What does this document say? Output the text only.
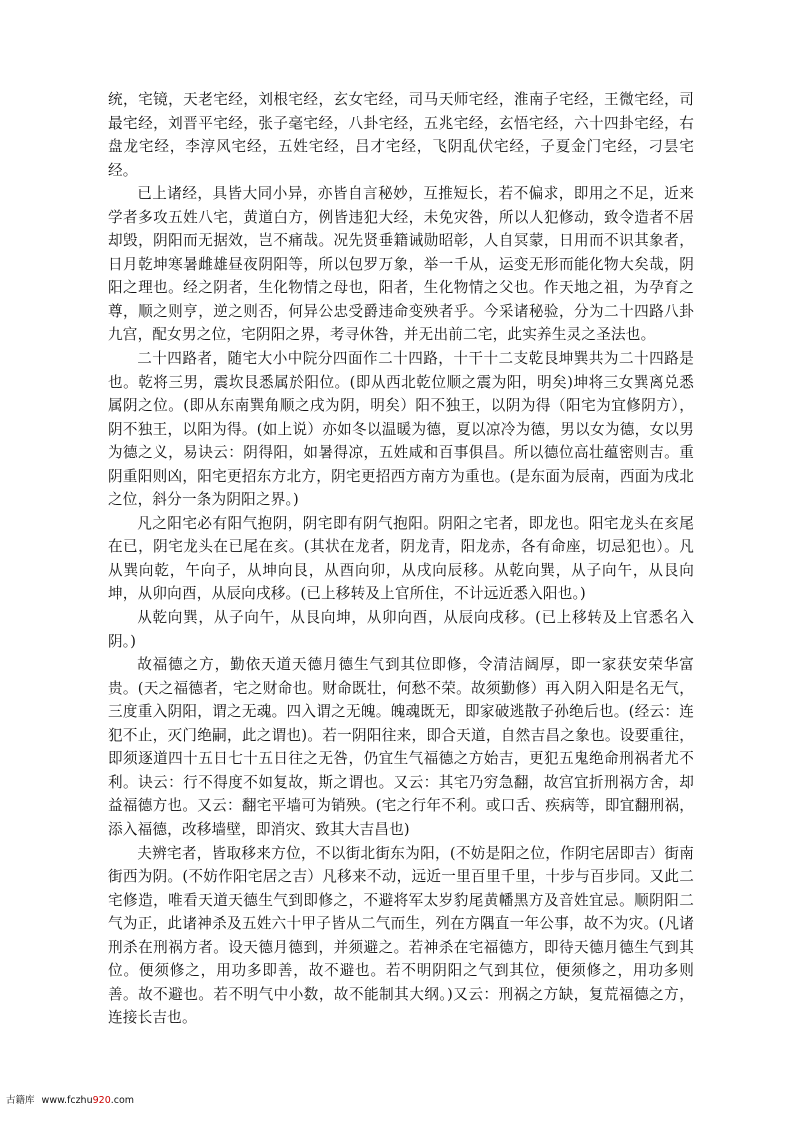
统，宅镜，天老宅经，刘根宅经，玄女宅经，司马天师宅经，淮南子宅经，王微宅经，司最宅经，刘晋平宅经，张子毫宅经，八卦宅经，五兆宅经，玄悟宅经，六十四卦宅经，右盘龙宅经，李淳风宅经，五姓宅经，吕才宅经，飞阴乱伏宅经，子夏金门宅经，刁昙宅经。

已上诸经，具皆大同小异，亦皆自言秘妙，互推短长，若不偏求，即用之不足，近来学者多攻五姓八宅，黄道白方，例皆违犯大经，未免灾咎，所以人犯修动，致令造者不居却毁，阴阳而无据效，岂不痛哉。况先贤垂籍诫勋昭彰，人自冥蒙，日用而不识其象者，日月乾坤寒暑雌雄昼夜阴阳等，所以包罗万象，举一千从，运变无形而能化物大矣哉，阴阳之理也。经之阴者，生化物情之母也，阳者，生化物情之父也。作天地之祖，为孕育之尊，顺之则亨，逆之则否，何异公忠受爵违命变殃者乎。今采诸秘验，分为二十四路八卦九宫，配女男之位，宅阴阳之界，考寻休咎，并无出前二宅，此实养生灵之圣法也。

二十四路者，随宅大小中院分四面作二十四路，十干十二支乾艮坤巽共为二十四路是也。乾将三男，震坎艮悉属於阳位。(即从西北乾位顺之震为阳，明矣)坤将三女巽离兑悉属阴之位。(即从东南巽角顺之戌为阴，明矣）阳不独王，以阴为得（阳宅为宜修阴方），阴不独王，以阳为得。(如上说）亦如冬以温暖为德，夏以凉冷为德，男以女为德，女以男为德之义，易诀云：阴得阳，如暑得凉，五姓咸和百事俱昌。所以德位高壮蕴密则吉。重阴重阳则凶，阳宅更招东方北方，阴宅更招西方南方为重也。(是东面为辰南，西面为戌北之位，斜分一条为阴阳之界。)

凡之阳宅必有阳气抱阴，阴宅即有阴气抱阳。阴阳之宅者，即龙也。阳宅龙头在亥尾在已，阴宅龙头在已尾在亥。(其状在龙者，阴龙青，阳龙赤，各有命座，切忌犯也）。凡从巽向乾，午向子，从坤向艮，从酉向卯，从戌向辰移。从乾向巽，从子向午，从艮向坤，从卯向酉，从辰向戌移。(已上移转及上官所住，不计远近悉入阳也。)

从乾向巽，从子向午，从艮向坤，从卯向酉，从辰向戌移。(已上移转及上官悉名入阴。)

故福德之方，勤依天道天德月德生气到其位即修，令清洁阔厚，即一家获安荣华富贵。(天之福德者，宅之财命也。财命既壮，何愁不荣。故须勤修）再入阴入阳是名无气，三度重入阴阳，谓之无魂。四入谓之无魄。魄魂既无，即家破逃散子孙绝后也。(经云：连犯不止，灭门绝嗣，此之谓也)。若一阴阳往来，即合天道，自然吉昌之象也。设要重往，即须逐道四十五日七十五日往之无咎，仍宜生气福德之方始吉，更犯五鬼绝命刑祸者尤不利。诀云：行不得度不如复故，斯之谓也。又云：其宅乃穷急翻，故宫宜折刑祸方舍，却益福德方也。又云：翻宅平墙可为销殃。(宅之行年不利。或口舌、疾病等，即宜翻刑祸，添入福德，改移墙壁，即消灾、致其大吉昌也)

夫辨宅者，皆取移来方位，不以街北街东为阳，(不妨是阳之位，作阴宅居即吉）街南街西为阴。(不妨作阳宅居之吉）凡移来不动，远近一里百里千里，十步与百步同。又此二宅修造，唯看天道天德生气到即修之，不避将军太岁豹尾黄幡黑方及音姓宜忌。顺阴阳二气为正，此诸神杀及五姓六十甲子皆从二气而生，列在方隅直一年公事，故不为灾。(凡诸刑杀在刑祸方者。设天德月德到，并须避之。若神杀在宅福德方，即待天德月德生气到其位。便须修之，用功多即善，故不避也。若不明阴阳之气到其位，便须修之，用功多则善。故不避也。若不明气中小数，故不能制其大纲。)又云：刑祸之方缺，复荒福德之方，连接长吉也。

古籍库 www.fczhu920.com
